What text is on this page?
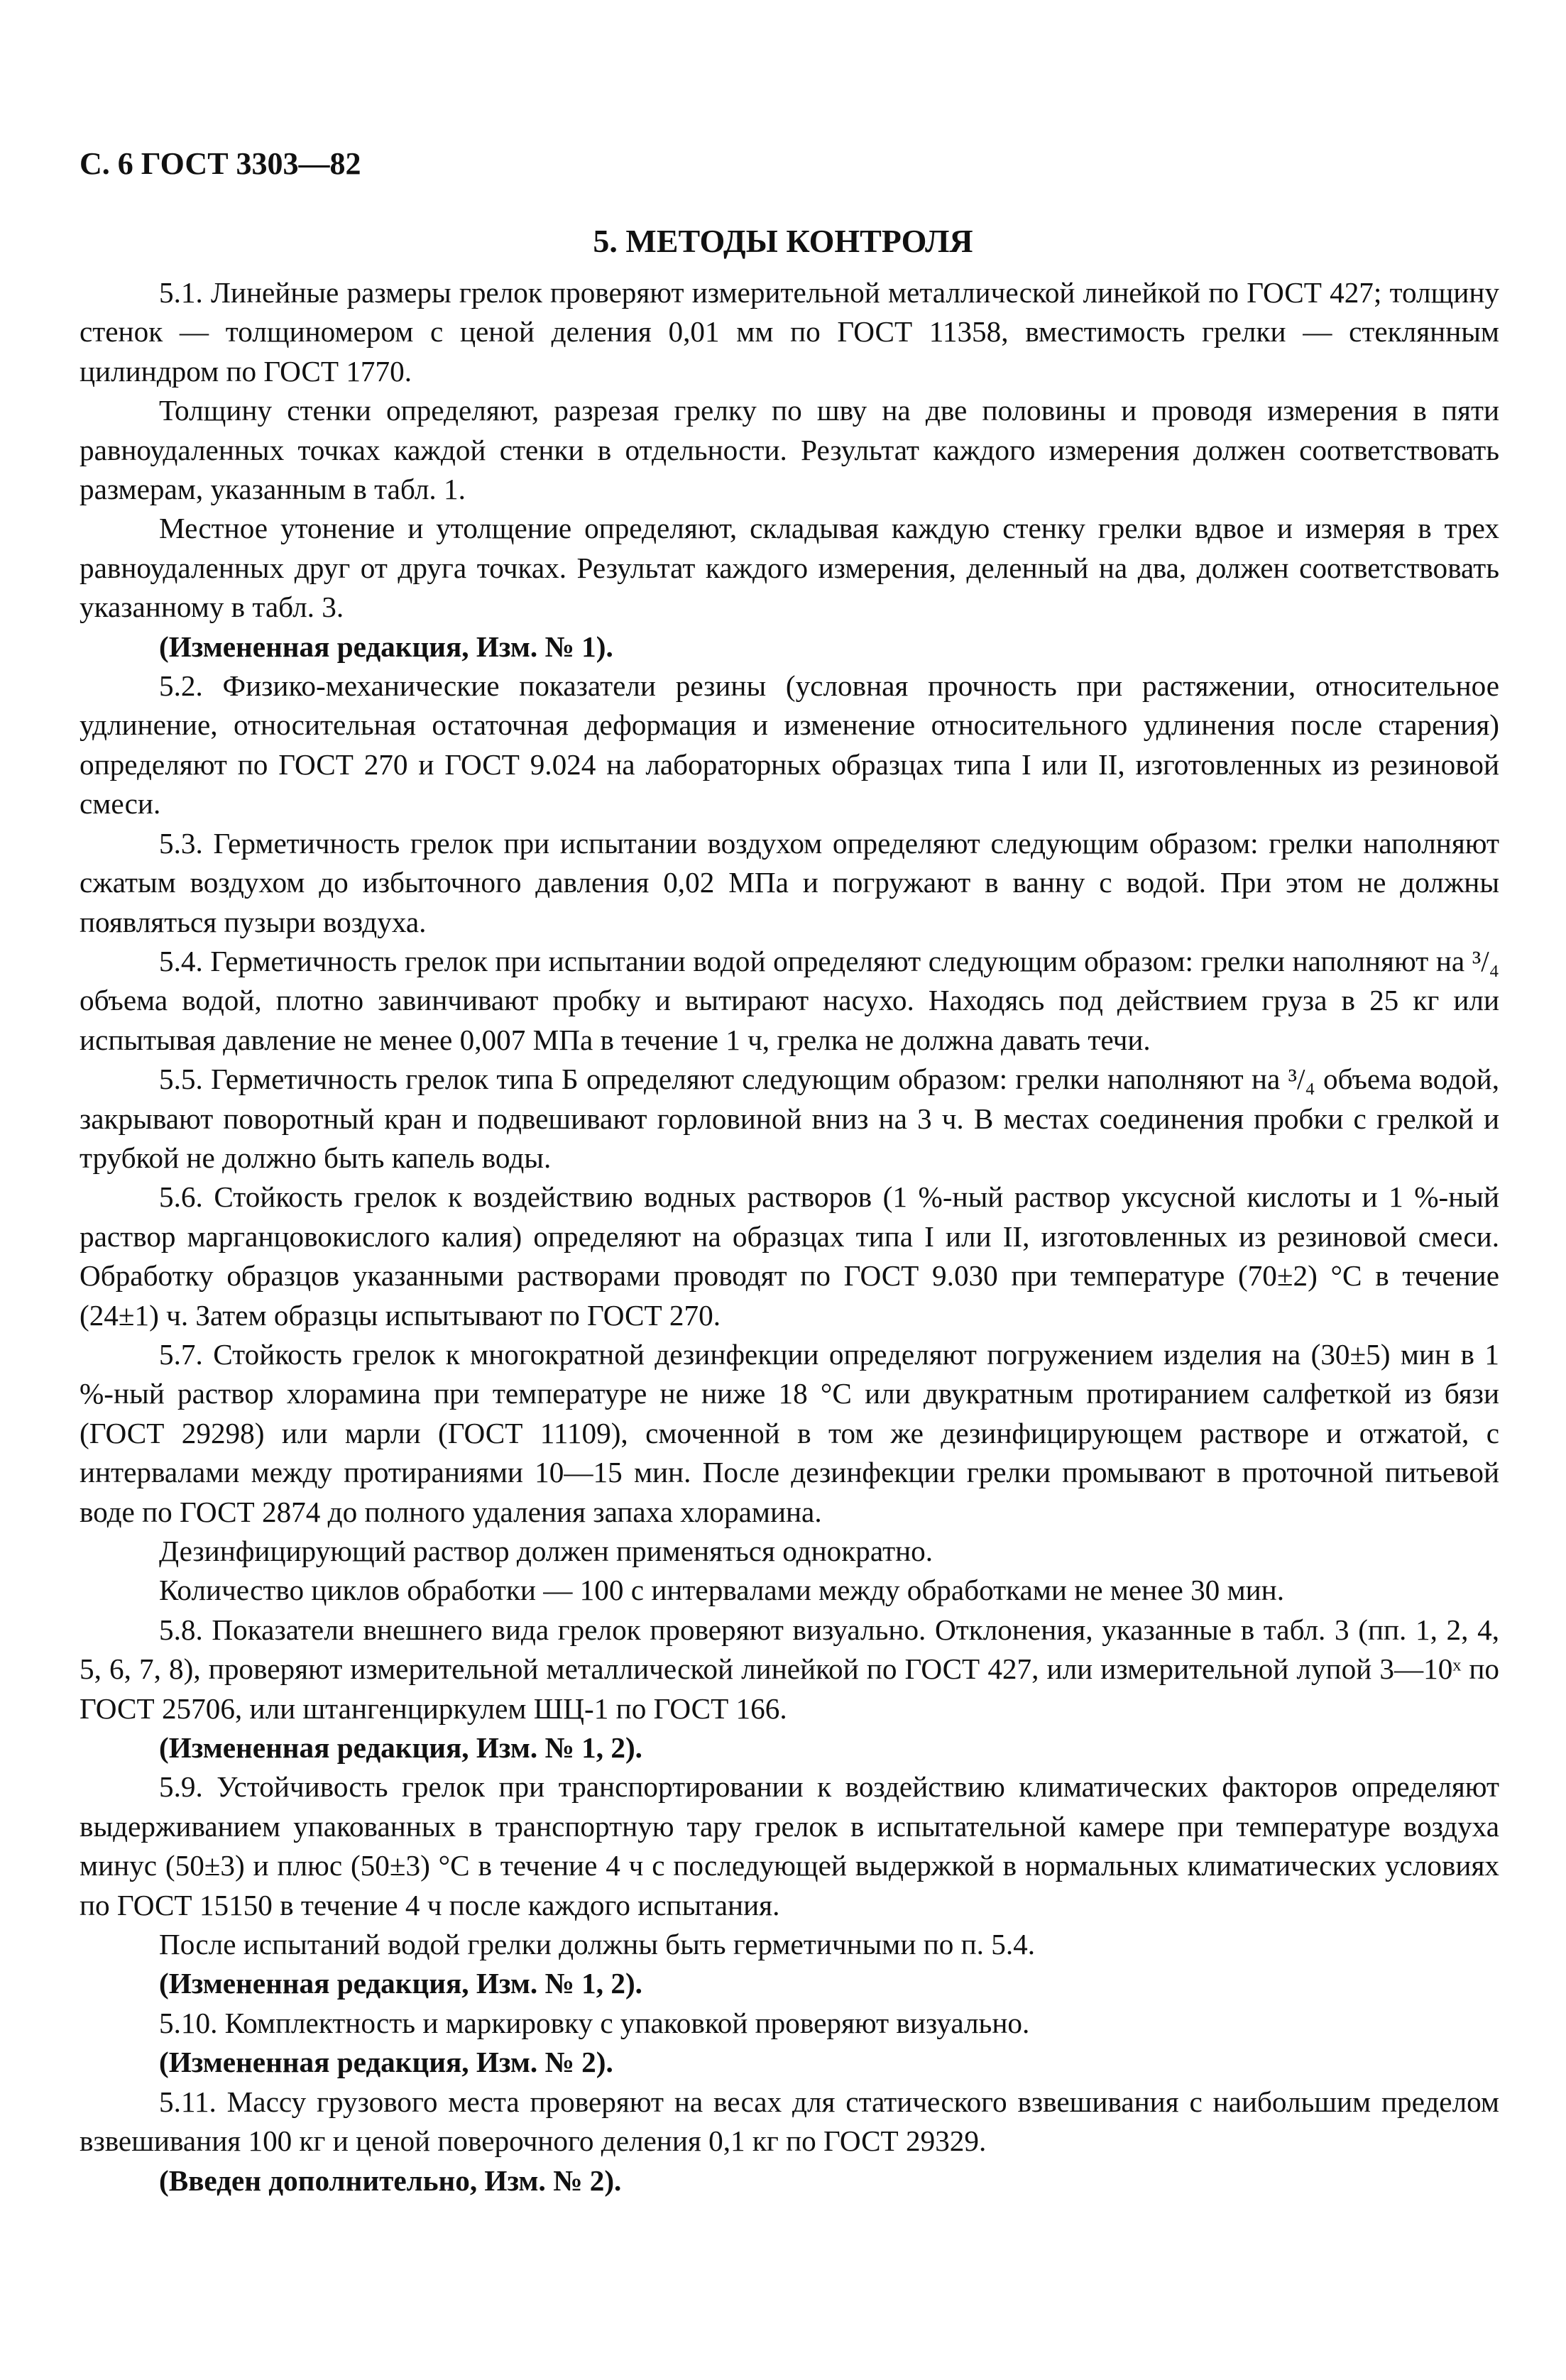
С. 6 ГОСТ 3303—82
5. МЕТОДЫ КОНТРОЛЯ

5.1. Линейные размеры грелок проверяют измерительной металлической линейкой по ГОСТ 427; толщину стенок — толщиномером с ценой деления 0,01 мм по ГОСТ 11358, вместимость грелки — стеклянным цилиндром по ГОСТ 1770.

Толщину стенки определяют, разрезая грелку по шву на две половины и проводя измерения в пяти равноудаленных точках каждой стенки в отдельности. Результат каждого измерения должен соответствовать размерам, указанным в табл. 1.

Местное утонение и утолщение определяют, складывая каждую стенку грелки вдвое и измеряя в трех равноудаленных друг от друга точках. Результат каждого измерения, деленный на два, должен соответствовать указанному в табл. 3.

(Измененная редакция, Изм. № 1).

5.2. Физико-механические показатели резины (условная прочность при растяжении, относительное удлинение, относительная остаточная деформация и изменение относительного удлинения после старения) определяют по ГОСТ 270 и ГОСТ 9.024 на лабораторных образцах типа I или II, изготовленных из резиновой смеси.

5.3. Герметичность грелок при испытании воздухом определяют следующим образом: грелки наполняют сжатым воздухом до избыточного давления 0,02 МПа и погружают в ванну с водой. При этом не должны появляться пузыри воздуха.

5.4. Герметичность грелок при испытании водой определяют следующим образом: грелки наполняют на ³/₄ объема водой, плотно завинчивают пробку и вытирают насухо. Находясь под действием груза в 25 кг или испытывая давление не менее 0,007 МПа в течение 1 ч, грелка не должна давать течи.

5.5. Герметичность грелок типа Б определяют следующим образом: грелки наполняют на ³/₄ объема водой, закрывают поворотный кран и подвешивают горловиной вниз на 3 ч. В местах соединения пробки с грелкой и трубкой не должно быть капель воды.

5.6. Стойкость грелок к воздействию водных растворов (1 %-ный раствор уксусной кислоты и 1 %-ный раствор марганцовокислого калия) определяют на образцах типа I или II, изготовленных из резиновой смеси. Обработку образцов указанными растворами проводят по ГОСТ 9.030 при температуре (70±2) °С в течение (24±1) ч. Затем образцы испытывают по ГОСТ 270.

5.7. Стойкость грелок к многократной дезинфекции определяют погружением изделия на (30±5) мин в 1 %-ный раствор хлорамина при температуре не ниже 18 °С или двукратным протиранием салфеткой из бязи (ГОСТ 29298) или марли (ГОСТ 11109), смоченной в том же дезинфицирующем растворе и отжатой, с интервалами между протираниями 10—15 мин. После дезинфекции грелки промывают в проточной питьевой воде по ГОСТ 2874 до полного удаления запаха хлорамина.

Дезинфицирующий раствор должен применяться однократно.

Количество циклов обработки — 100 с интервалами между обработками не менее 30 мин.

5.8. Показатели внешнего вида грелок проверяют визуально. Отклонения, указанные в табл. 3 (пп. 1, 2, 4, 5, 6, 7, 8), проверяют измерительной металлической линейкой по ГОСТ 427, или измерительной лупой 3—10ˣ по ГОСТ 25706, или штангенциркулем ШЦ-1 по ГОСТ 166.

(Измененная редакция, Изм. № 1, 2).

5.9. Устойчивость грелок при транспортировании к воздействию климатических факторов определяют выдерживанием упакованных в транспортную тару грелок в испытательной камере при температуре воздуха минус (50±3) и плюс (50±3) °С в течение 4 ч с последующей выдержкой в нормальных климатических условиях по ГОСТ 15150 в течение 4 ч после каждого испытания.

После испытаний водой грелки должны быть герметичными по п. 5.4.

(Измененная редакция, Изм. № 1, 2).

5.10. Комплектность и маркировку с упаковкой проверяют визуально.

(Измененная редакция, Изм. № 2).

5.11. Массу грузового места проверяют на весах для статического взвешивания с наибольшим пределом взвешивания 100 кг и ценой поверочного деления 0,1 кг по ГОСТ 29329.

(Введен дополнительно, Изм. № 2).
